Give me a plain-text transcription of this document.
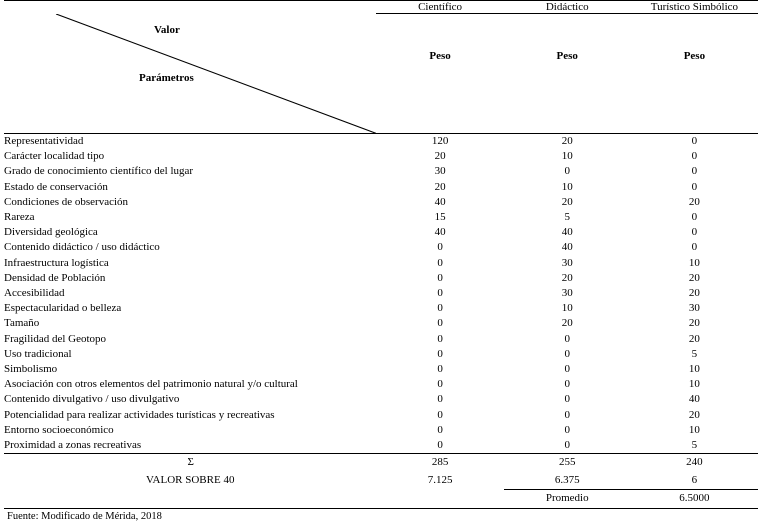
	Científico	Didáctico	Turístico Simbólico

Valor
Parámetros	Peso	Peso	Peso

Representatividad	120	20	0
Carácter localidad tipo	20	10	0
Grado de conocimiento científico del lugar	30	0	0
Estado de conservación	20	10	0
Condiciones de observación	40	20	20
Rareza	15	5	0
Diversidad geológica	40	40	0
Contenido didáctico / uso didáctico	0	40	0
Infraestructura logística	0	30	10
Densidad de Población	0	20	20
Accesibilidad	0	30	20
Espectacularidad o belleza	0	10	30
Tamaño	0	20	20
Fragilidad del Geotopo	0	0	20
Uso tradicional	0	0	5
Simbolismo	0	0	10
Asociación con otros elementos del patrimonio natural y/o cultural	0	0	10
Contenido divulgativo / uso divulgativo	0	0	40
Potencialidad para realizar actividades turísticas y recreativas	0	0	20
Entorno socioeconómico	0	0	10
Proximidad a zonas recreativas	0	0	5

Σ	285	255	240
VALOR SOBRE 40	7.125	6.375	6
		Promedio	6.5000
Fuente: Modificado de Mérida, 2018
